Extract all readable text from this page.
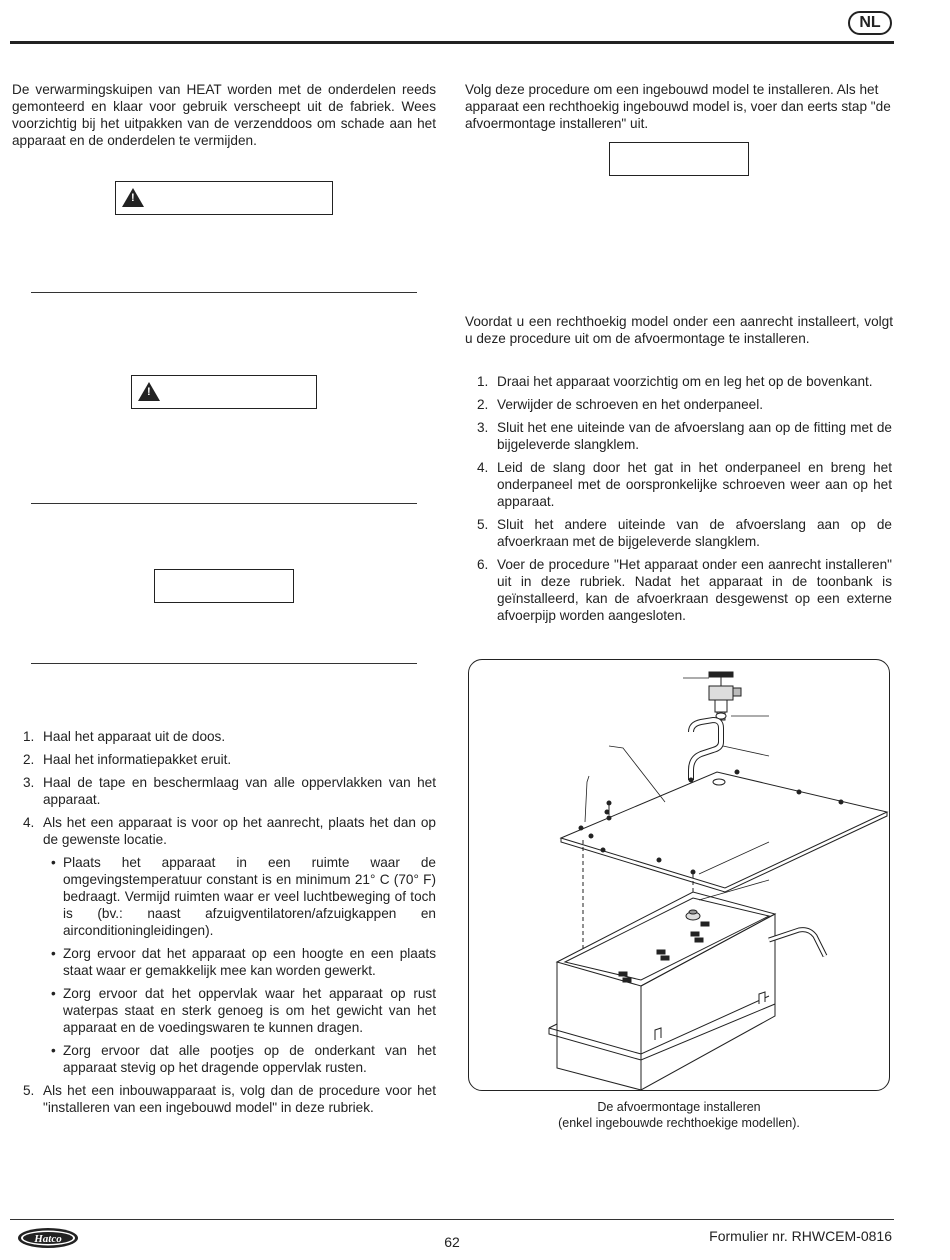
NL

De verwarmingskuipen van HEAT worden met de onderdelen reeds gemonteerd en klaar voor gebruik verscheept uit de fabriek. Wees voorzichtig bij het uitpakken van de verzenddoos om schade aan het apparaat en de onderdelen te vermijden.

!
!
1. Haal het apparaat uit de doos.
2. Haal het informatiepakket eruit.
3. Haal de tape en beschermlaag van alle oppervlakken van het apparaat.
4. Als het een apparaat is voor op het aanrecht, plaats het dan op de gewenste locatie.
• Plaats het apparaat in een ruimte waar de omgevingstemperatuur constant is en minimum 21° C (70° F) bedraagt. Vermijd ruimten waar er veel luchtbeweging of toch is (bv.: naast afzuigventilatoren/afzuigkappen en airconditioningleidingen).
• Zorg ervoor dat het apparaat op een hoogte en een plaats staat waar er gemakkelijk mee kan worden gewerkt.
• Zorg ervoor dat het oppervlak waar het apparaat op rust waterpas staat en sterk genoeg is om het gewicht van het apparaat en de voedingswaren te kunnen dragen.
• Zorg ervoor dat alle pootjes op de onderkant van het apparaat stevig op het dragende oppervlak rusten.
5. Als het een inbouwapparaat is, volg dan de procedure voor het "installeren van een ingebouwd model" in deze rubriek.

Volg deze procedure om een ingebouwd model te installeren. Als het apparaat een rechthoekig ingebouwd model is, voer dan eerts stap "de afvoermontage installeren" uit.

Voordat u een rechthoekig model onder een aanrecht installeert, volgt u deze procedure uit om de afvoermontage te installeren.

1. Draai het apparaat voorzichtig om en leg het op de bovenkant.
2. Verwijder de schroeven en het onderpaneel.
3. Sluit het ene uiteinde van de afvoerslang aan op de fitting met de bijgeleverde slangklem.
4. Leid de slang door het gat in het onderpaneel en breng het onderpaneel met de oorspronkelijke schroeven weer aan op het apparaat.
5. Sluit het andere uiteinde van de afvoerslang aan op de afvoerkraan met de bijgeleverde slangklem.
6. Voer de procedure "Het apparaat onder een aanrecht installeren" uit in deze rubriek. Nadat het apparaat in de toonbank is geïnstalleerd, kan de afvoerkraan desgewenst op een externe afvoerpijp worden aangesloten.
De afvoermontage installeren
(enkel ingebouwde rechthoekige modellen).
Hatco	62	Formulier nr. RHWCEM-0816
